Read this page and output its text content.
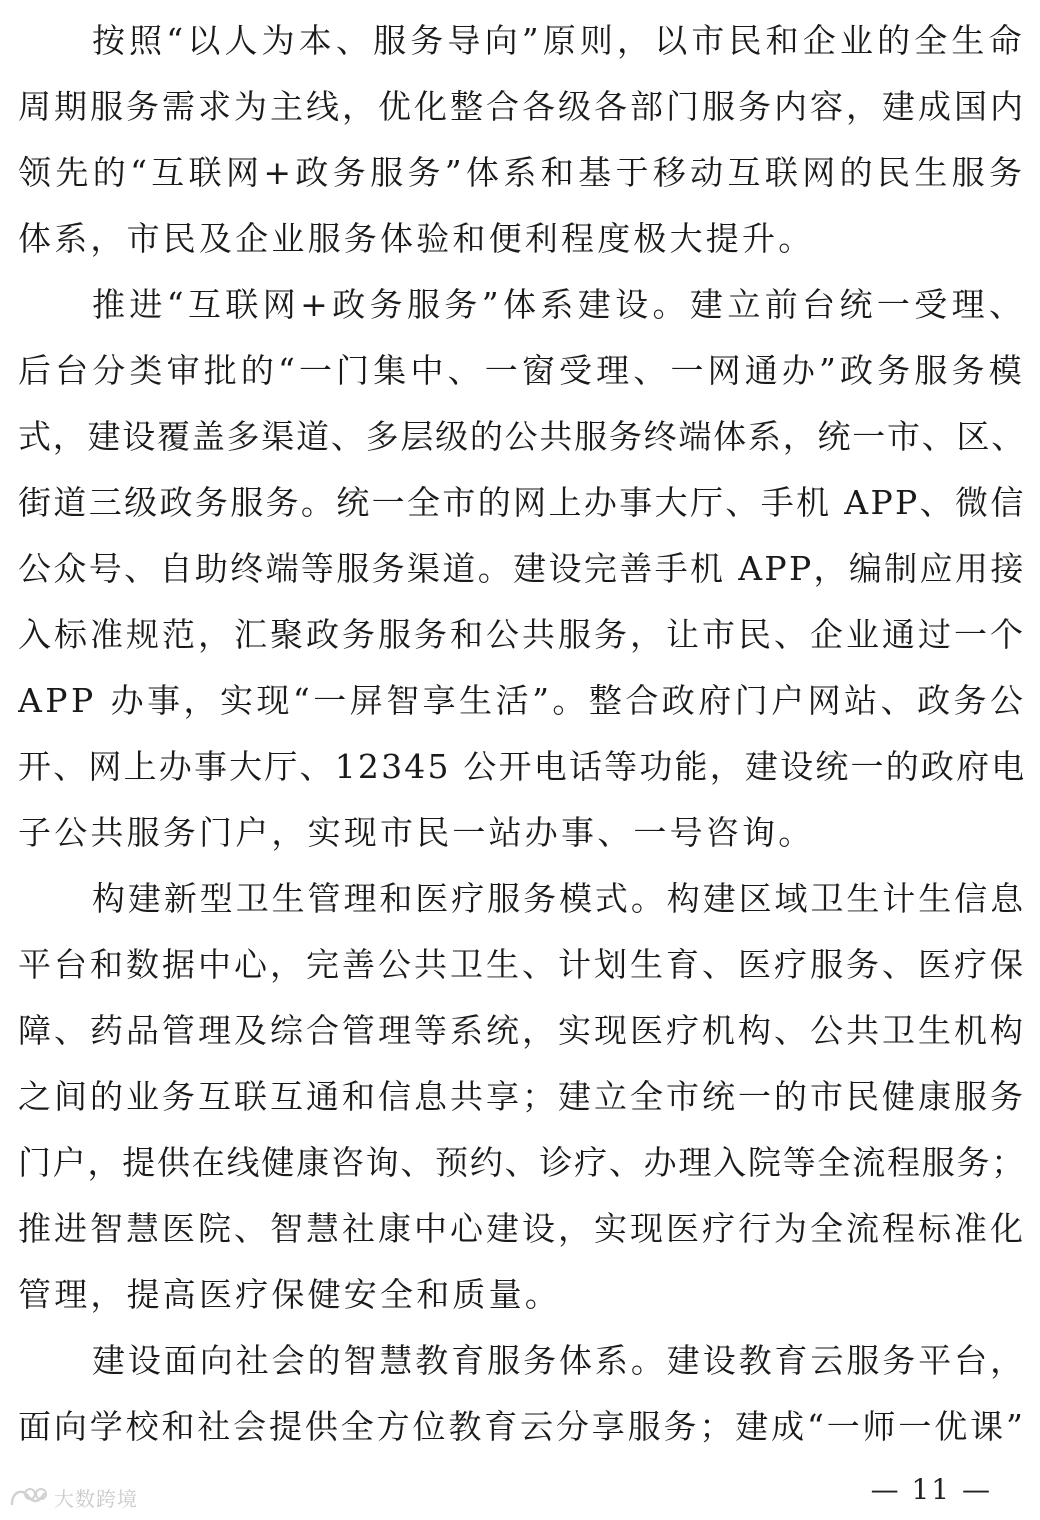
按照“以人为本、服务导向”原则，以市民和企业的全生命
周期服务需求为主线，优化整合各级各部门服务内容，建成国内
领先的“互联网+政务服务”体系和基于移动互联网的民生服务
体系，市民及企业服务体验和便利程度极大提升。
推进“互联网+政务服务”体系建设。建立前台统一受理、
后台分类审批的“一门集中、一窗受理、一网通办”政务服务模
式，建设覆盖多渠道、多层级的公共服务终端体系，统一市、区、
街道三级政务服务。统一全市的网上办事大厅、手机 APP、微信
公众号、自助终端等服务渠道。建设完善手机 APP，编制应用接
入标准规范，汇聚政务服务和公共服务，让市民、企业通过一个
APP 办事，实现“一屏智享生活”。整合政府门户网站、政务公
开、网上办事大厅、12345 公开电话等功能，建设统一的政府电
子公共服务门户，实现市民一站办事、一号咨询。
构建新型卫生管理和医疗服务模式。构建区域卫生计生信息
平台和数据中心，完善公共卫生、计划生育、医疗服务、医疗保
障、药品管理及综合管理等系统，实现医疗机构、公共卫生机构
之间的业务互联互通和信息共享；建立全市统一的市民健康服务
门户，提供在线健康咨询、预约、诊疗、办理入院等全流程服务；
推进智慧医院、智慧社康中心建设，实现医疗行为全流程标准化
管理，提高医疗保健安全和质量。
建设面向社会的智慧教育服务体系。建设教育云服务平台，
面向学校和社会提供全方位教育云分享服务；建成“一师一优课”
大数跨境	— 11 —
